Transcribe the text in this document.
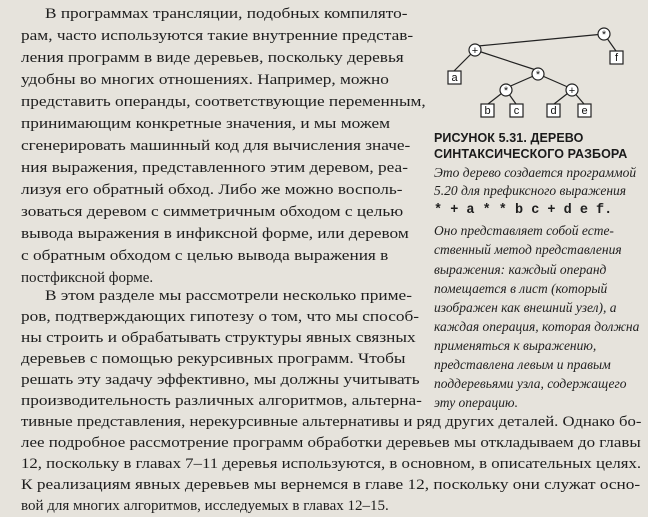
В программах трансляции, подобных компилято-
рам, часто используются такие внутренние представ-
ления программ в виде деревьев, поскольку деревья
удобны во многих отношениях. Например, можно
представить операнды, соответствующие переменным,
принимающим конкретные значения, и мы можем
сгенерировать машинный код для вычисления значе-
ния выражения, представленного этим деревом, реа-
лизуя его обратный обход. Либо же можно восполь-
зоваться деревом с симметричным обходом с целью
вывода выражения в инфиксной форме, или деревом
с обратным обходом с целью вывода выражения в
постфиксной форме.
В этом разделе мы рассмотрели несколько приме-
ров, подтверждающих гипотезу о том, что мы способ-
ны строить и обрабатывать структуры явных связных
деревьев с помощью рекурсивных программ. Чтобы
решать эту задачу эффективно, мы должны учитывать
производительность различных алгоритмов, альтерна-
тивные представления, нерекурсивные альтернативы и ряд других деталей. Однако бо-
лее подробное рассмотрение программ обработки деревьев мы откладываем до главы
12, поскольку в главах 7–11 деревья используются, в основном, в описательных целях.
К реализациям явных деревьев мы вернемся в главе 12, поскольку они служат осно-
вой для многих алгоритмов, исследуемых в главах 12–15.
*
+
*
*	+
a
b c	d e
f
РИСУНОК 5.31. ДЕРЕВО
СИНТАКСИЧЕСКОГО РАЗБОРА
Это дерево создается программой
5.20 для префиксного выражения
* + a * * b c + d e f.
Оно представляет собой есте-
ственный метод представления
выражения: каждый операнд
помещается в лист (который
изображен как внешний узел), а
каждая операция, которая должна
применяться к выражению,
представлена левым и правым
поддеревьями узла, содержащего
эту операцию.
